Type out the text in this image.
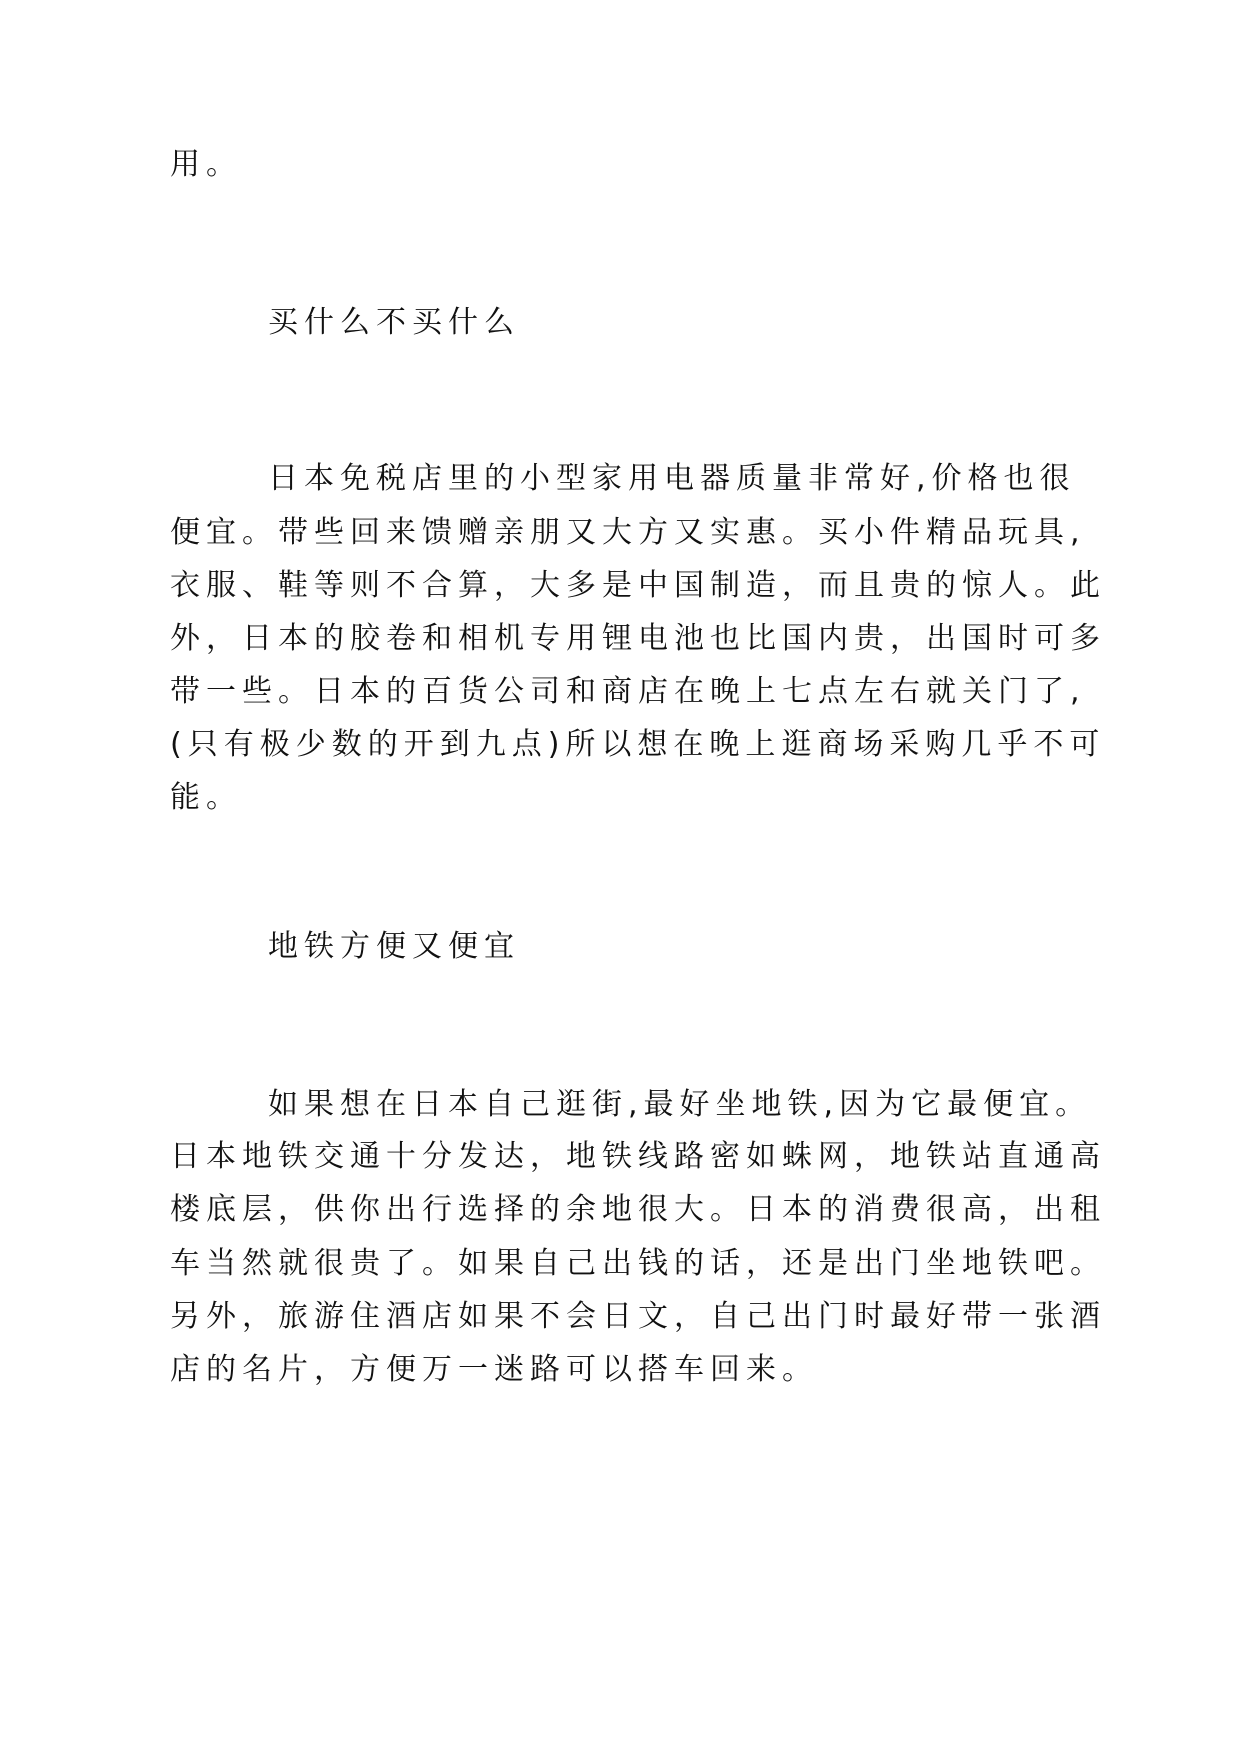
用。
买什么不买什么
日本免税店里的小型家用电器质量非常好,价格也很
便宜。带些回来馈赠亲朋又大方又实惠。买小件精品玩具,
衣服、鞋等则不合算，大多是中国制造，而且贵的惊人。此
外，日本的胶卷和相机专用锂电池也比国内贵，出国时可多
带一些。日本的百货公司和商店在晚上七点左右就关门了,
(只有极少数的开到九点)所以想在晚上逛商场采购几乎不可
能。
地铁方便又便宜
如果想在日本自己逛街,最好坐地铁,因为它最便宜。
日本地铁交通十分发达，地铁线路密如蛛网，地铁站直通高
楼底层，供你出行选择的余地很大。日本的消费很高，出租
车当然就很贵了。如果自己出钱的话，还是出门坐地铁吧。
另外，旅游住酒店如果不会日文，自己出门时最好带一张酒
店的名片，方便万一迷路可以搭车回来。
